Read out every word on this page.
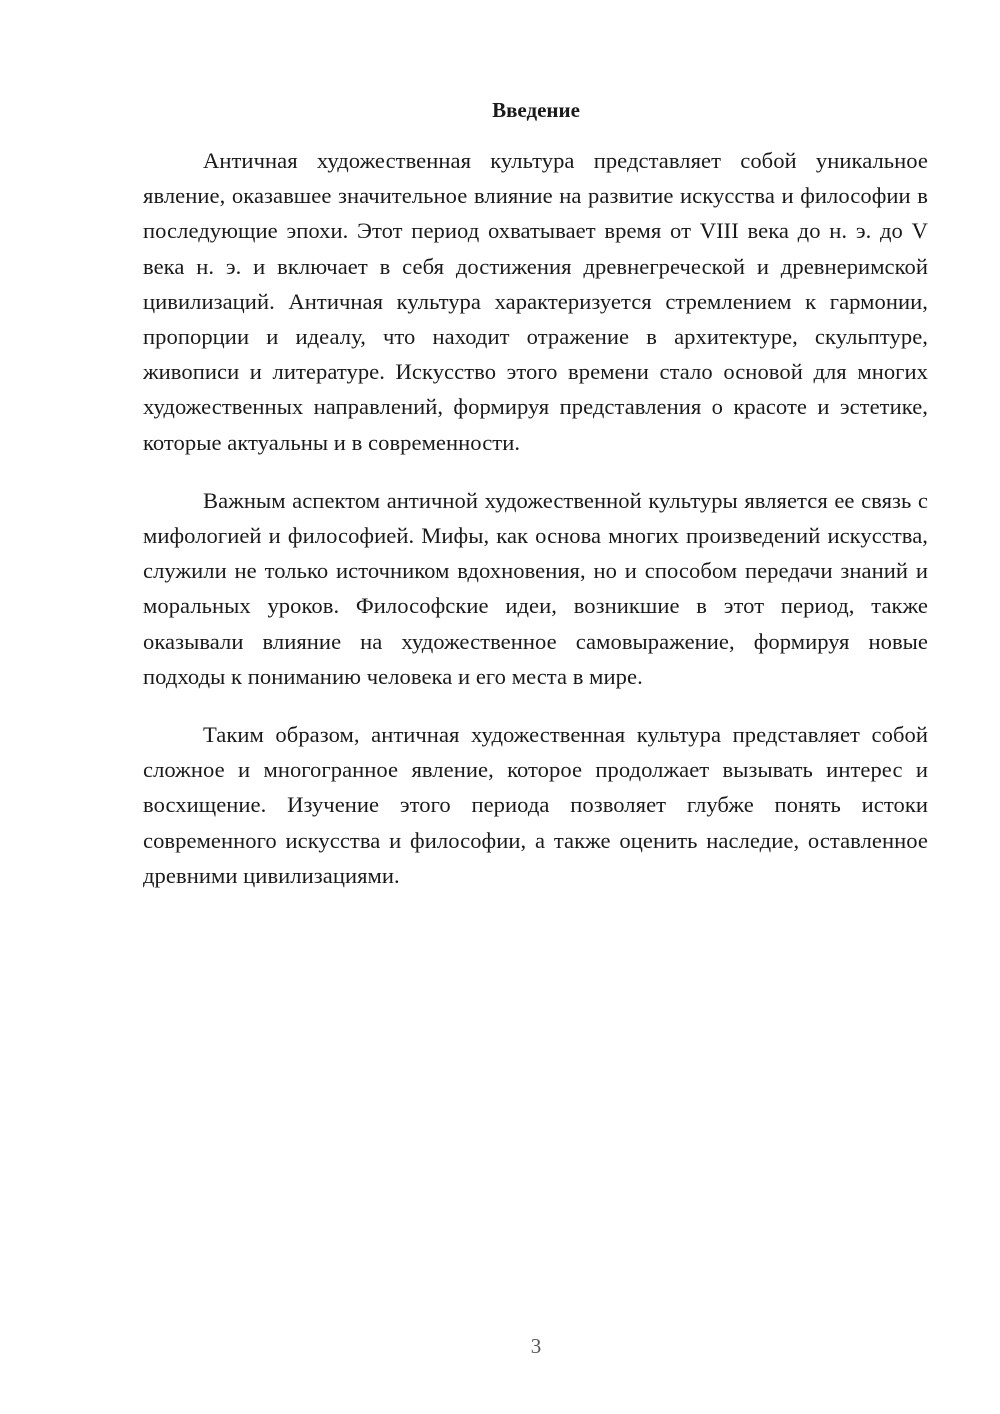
Введение

Античная художественная культура представляет собой уникальное явление, оказавшее значительное влияние на развитие искусства и философии в последующие эпохи. Этот период охватывает время от VIII века до н. э. до V века н. э. и включает в себя достижения древнегреческой и древнеримской цивилизаций. Античная культура характеризуется стремлением к гармонии, пропорции и идеалу, что находит отражение в архитектуре, скульптуре, живописи и литературе. Искусство этого времени стало основой для многих художественных направлений, формируя представления о красоте и эстетике, которые актуальны и в современности.

Важным аспектом античной художественной культуры является ее связь с мифологией и философией. Мифы, как основа многих произведений искусства, служили не только источником вдохновения, но и способом передачи знаний и моральных уроков. Философские идеи, возникшие в этот период, также оказывали влияние на художественное самовыражение, формируя новые подходы к пониманию человека и его места в мире.

Таким образом, античная художественная культура представляет собой сложное и многогранное явление, которое продолжает вызывать интерес и восхищение. Изучение этого периода позволяет глубже понять истоки современного искусства и философии, а также оценить наследие, оставленное древними цивилизациями.

3
